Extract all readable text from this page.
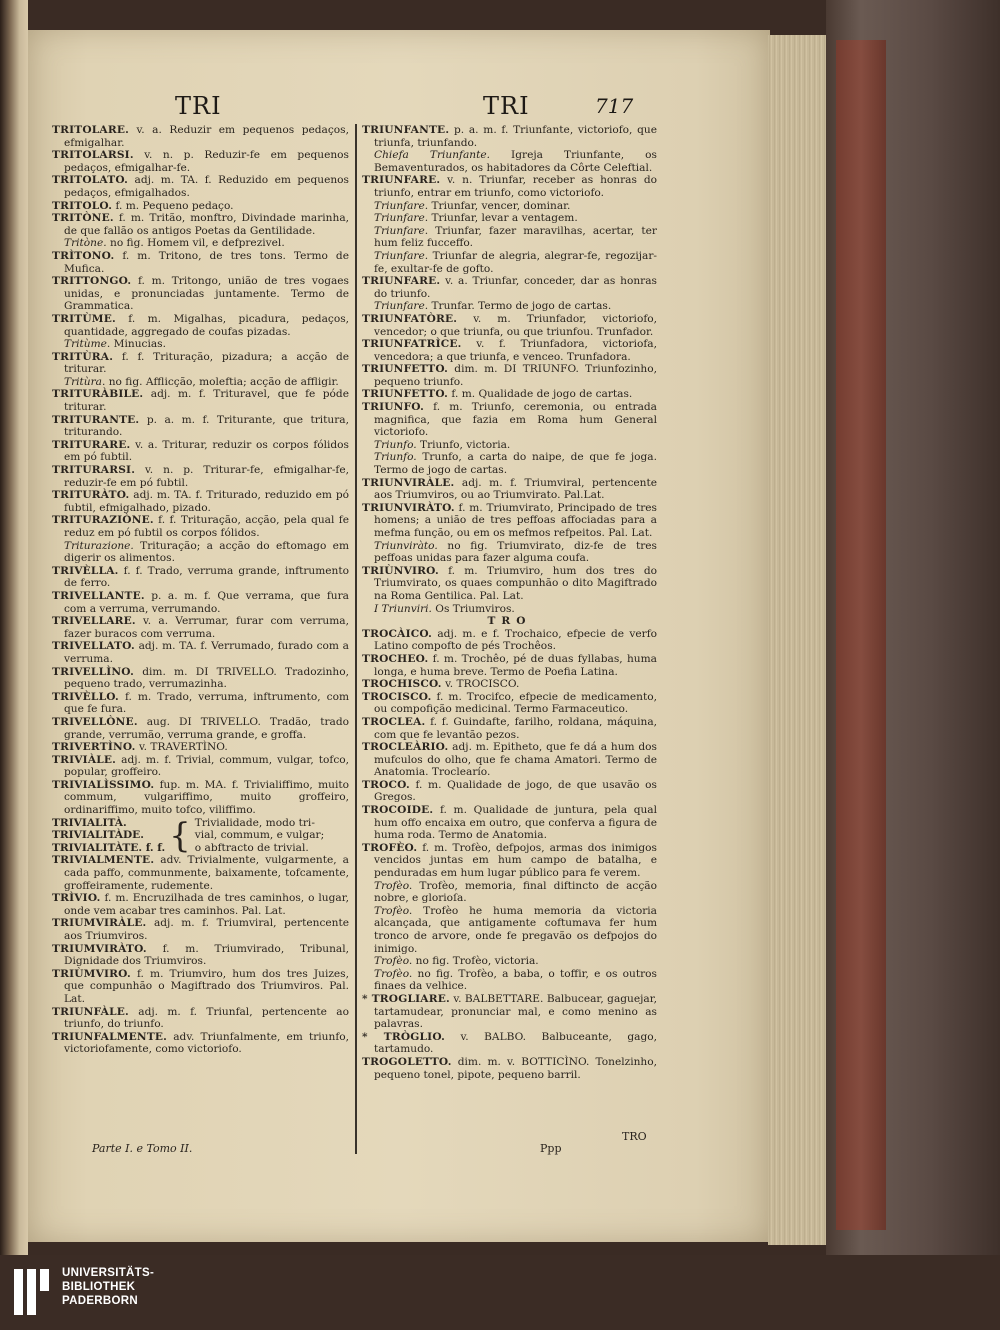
TRI	TRI	717

TRITOLARE. v. a. Reduzir em pequenos pedaços, efmigalhar.

TRITOLARSI. v. n. p. Reduzir-fe em pequenos pedaços, efmigalhar-fe.

TRITOLATO. adj. m. TA. f. Reduzido em pequenos pedaços, efmigalhados.

TRITOLO. f. m. Pequeno pedaço.

TRITÒNE. f. m. Tritão, monftro, Divindade marinha, de que fallão os antigos Poetas da Gentilidade.

Tritòne. no fig. Homem vil, e defprezivel.

TRÌTONO. f. m. Tritono, de tres tons. Termo de Mufica.

TRITTONGO. f. m. Tritongo, união de tres vogaes unidas, e pronunciadas juntamente. Termo de Grammatica.

TRITÙME. f. m. Migalhas, picadura, pedaços, quantidade, aggregado de coufas pizadas.

Tritùme. Minucias.

TRITÙRA. f. f. Trituração, pizadura; a acção de triturar.

Tritùra. no fig. Afflicção, moleftia; acção de affligir.

TRITURÀBILE. adj. m. f. Trituravel, que fe póde triturar.

TRITURANTE. p. a. m. f. Triturante, que tritura, triturando.

TRITURARE. v. a. Triturar, reduzir os corpos fólidos em pó fubtil.

TRITURARSI. v. n. p. Triturar-fe, efmigalhar-fe, reduzir-fe em pó fubtil.

TRITURÀTO. adj. m. TA. f. Triturado, reduzido em pó fubtil, efmigalhado, pizado.

TRITURAZIÒNE. f. f. Trituração, acção, pela qual fe reduz em pó fubtil os corpos fólidos.

Triturazione. Trituração; a acção do eftomago em digerir os alimentos.

TRIVÈLLA. f. f. Trado, verruma grande, inftrumento de ferro.

TRIVELLANTE. p. a. m. f. Que verrama, que fura com a verruma, verrumando.

TRIVELLARE. v. a. Verrumar, furar com verruma, fazer buracos com verruma.

TRIVELLATO. adj. m. TA. f. Verrumado, furado com a verruma.

TRIVELLÌNO. dim. m. DI TRIVELLO. Tradozinho, pequeno trado, verrumazinha.

TRIVÈLLO. f. m. Trado, verruma, inftrumento, com que fe fura.

TRIVELLÒNE. aug. DI TRIVELLO. Tradão, trado grande, verrumão, verruma grande, e groffa.

TRIVERTÌNO. v. TRAVERTÌNO.

TRIVIÀLE. adj. m. f. Trivial, commum, vulgar, tofco, popular, groffeiro.

TRIVIALÌSSIMO. fup. m. MA. f. Trivialiffimo, muito commum, vulgariffimo, muito groffeiro, ordinariffimo, muito tofco, viliffimo.

TRIVIALITÀ.
TRIVIALITÀDE.
TRIVIALITÀTE. f. f.	{	Trivialidade, modo tri-
vial, commum, e vulgar;
o abftracto de trivial.

TRIVIALMENTE. adv. Trivialmente, vulgarmente, a cada paffo, communmente, baixamente, tofcamente, groffeiramente, rudemente.

TRÌVIO. f. m. Encruzilhada de tres caminhos, o lugar, onde vem acabar tres caminhos. Pal. Lat.

TRIUMVIRÀLE. adj. m. f. Triumviral, pertencente aos Triumviros.

TRIUMVIRÀTO. f. m. Triumvirado, Tribunal, Dignidade dos Triumviros.

TRIÙMVIRO. f. m. Triumviro, hum dos tres Juizes, que compunhão o Magiftrado dos Triumviros. Pal. Lat.

TRIUNFÀLE. adj. m. f. Triunfal, pertencente ao triunfo, do triunfo.

TRIUNFALMENTE. adv. Triunfalmente, em triunfo, victoriofamente, como victoriofo.

TRIUNFANTE. p. a. m. f. Triunfante, victoriofo, que triunfa, triunfando.

Chiefa Triunfante. Igreja Triunfante, os Bemaventurados, os habitadores da Côrte Celeftial.

TRIUNFARE. v. n. Triunfar, receber as honras do triunfo, entrar em triunfo, como victoriofo.

Triunfare. Triunfar, vencer, dominar.

Triunfare. Triunfar, levar a ventagem.

Triunfare. Triunfar, fazer maravilhas, acertar, ter hum feliz fucceffo.

Triunfare. Triunfar de alegria, alegrar-fe, regozijar-fe, exultar-fe de gofto.

TRIUNFARE. v. a. Triunfar, conceder, dar as honras do triunfo.

Triunfare. Trunfar. Termo de jogo de cartas.

TRIUNFATÒRE. v. m. Triunfador, victoriofo, vencedor; o que triunfa, ou que triunfou. Trunfador.

TRIUNFATRÌCE. v. f. Triunfadora, victoriofa, vencedora; a que triunfa, e venceo. Trunfadora.

TRIUNFETTO. dim. m. DI TRIUNFO. Triunfozinho, pequeno triunfo.

TRIUNFETTO. f. m. Qualidade de jogo de cartas.

TRIUNFO. f. m. Triunfo, ceremonia, ou entrada magnifica, que fazia em Roma hum General victoriofo.

Triunfo. Triunfo, victoria.

Triunfo. Trunfo, a carta do naipe, de que fe joga. Termo de jogo de cartas.

TRIUNVIRÀLE. adj. m. f. Triumviral, pertencente aos Triumviros, ou ao Triumvirato. Pal.Lat.

TRIUNVIRÀTO. f. m. Triumvirato, Principado de tres homens; a união de tres peffoas affociadas para a mefma função, ou em os mefmos refpeitos. Pal. Lat.

Triunviràto. no fig. Triumvirato, diz-fe de tres peffoas unidas para fazer alguma coufa.

TRIÙNVIRO. f. m. Triumviro, hum dos tres do Triumvirato, os quaes compunhão o dito Magiftrado na Roma Gentilica. Pal. Lat.

I Triunviri. Os Triumviros.

TRO

TROCÀICO. adj. m. e f. Trochaico, efpecie de verfo Latino compofto de pés Trochêos.

TROCHEO. f. m. Trochêo, pé de duas fyllabas, huma longa, e huma breve. Termo de Poefia Latina.

TROCHISCO. v. TROCISCO.

TROCISCO. f. m. Trocifco, efpecie de medicamento, ou compofição medicinal. Termo Farmaceutico.

TROCLEA. f. f. Guindafte, farilho, roldana, máquina, com que fe levantão pezos.

TROCLEÀRIO. adj. m. Epitheto, que fe dá a hum dos mufculos do olho, que fe chama Amatori. Termo de Anatomia. Troclearío.

TROCO. f. m. Qualidade de jogo, de que usavão os Gregos.

TROCOIDE. f. m. Qualidade de juntura, pela qual hum offo encaixa em outro, que conferva a figura de huma roda. Termo de Anatomia.

TROFÈO. f. m. Trofèo, defpojos, armas dos inimigos vencidos juntas em hum campo de batalha, e penduradas em hum lugar público para fe verem.

Trofèo. Trofèo, memoria, final diftincto de acção nobre, e glorioſa.

Trofèo. Trofèo he huma memoria da victoria alcançada, que antigamente coftumava fer hum tronco de arvore, onde fe pregavão os defpojos do inimigo.

Trofèo. no fig. Trofèo, victoria.

Trofèo. no fig. Trofèo, a baba, o toffir, e os outros finaes da velhice.

* TROGLIARE. v. BALBETTARE. Balbucear, gaguejar, tartamudear, pronunciar mal, e como menino as palavras.

* TRÒGLIO. v. BALBO. Balbuceante, gago, tartamudo.

TROGOLETTO. dim. m. v. BOTTICÌNO. Tonelzinho, pequeno tonel, pipote, pequeno barril.

Parte I. e Tomo II.	Ppp
TRO
UNIVERSITÄTS-
BIBLIOTHEK
PADERBORN
